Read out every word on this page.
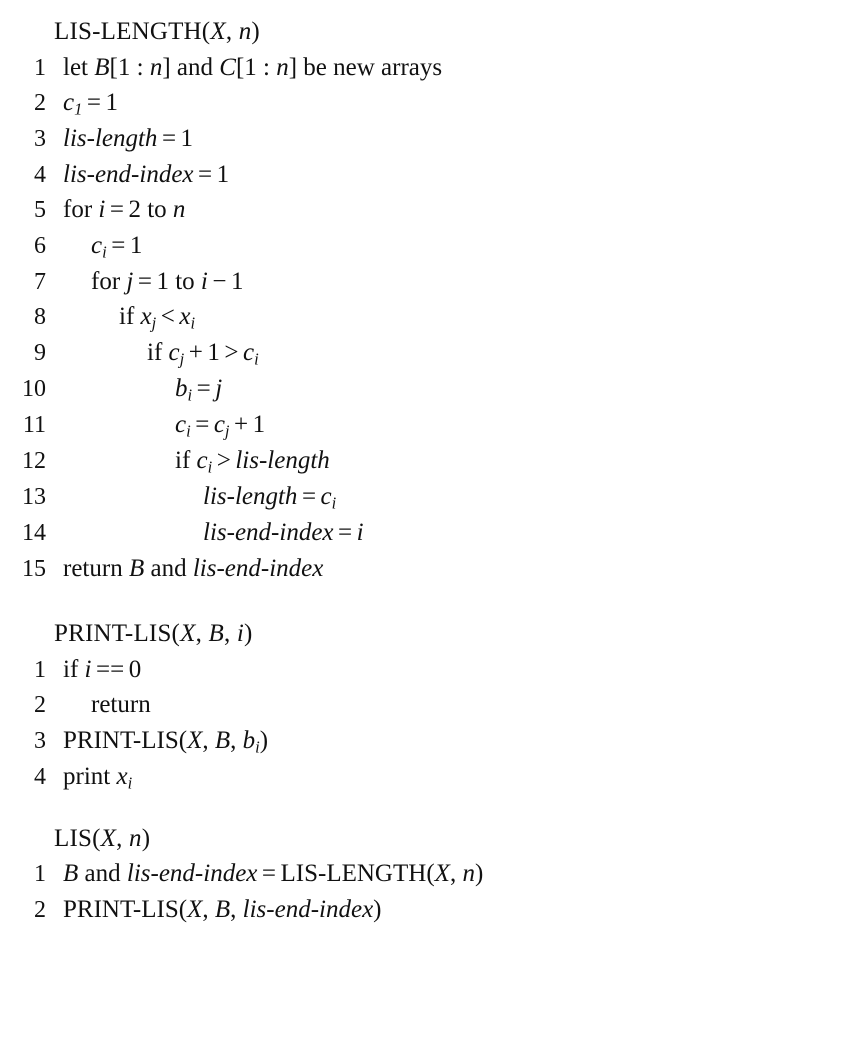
LIS-LENGTH(X, n)
1 let B[1 : n] and C[1 : n] be new arrays
2 $c_1 = 1$
3 lis-length = 1
4 lis-end-index = 1
5 for i = 2 to n
6	$c_i = 1$
7	for j = 1 to i − 1
8	if $x_j < x_i$
9	if $c_j + 1 > c_i$
10	$b_i = j$
11	$c_i = c_j + 1$
12	if $c_i$ > lis-length
13	lis-length = $c_i$
14	lis-end-index = i
15 return B and lis-end-index
PRINT-LIS(X, B, i)
1 if i == 0
2	return
3 PRINT-LIS(X, B, $b_i$)
4 print $x_i$
LIS(X, n)
1 B and lis-end-index = LIS-LENGTH(X, n)
2 PRINT-LIS(X, B, lis-end-index)
